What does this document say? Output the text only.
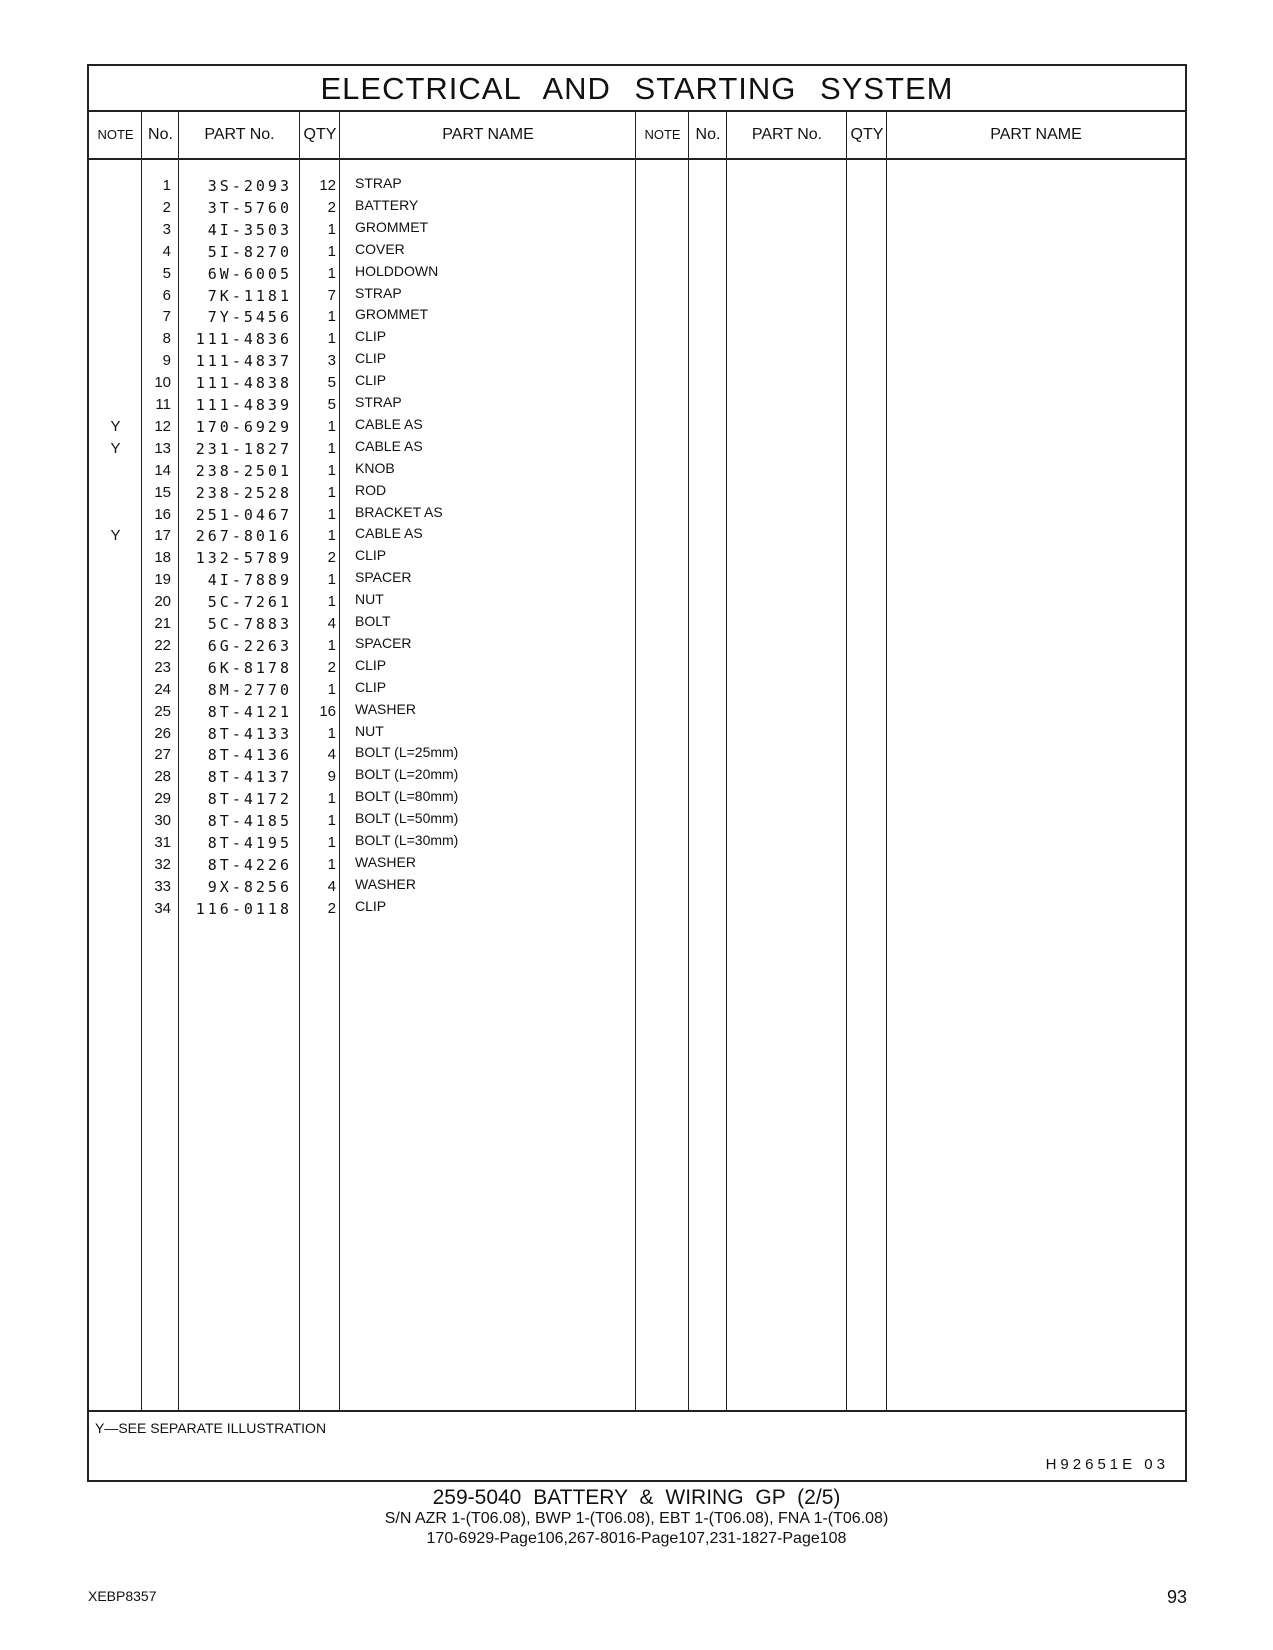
ELECTRICAL AND STARTING SYSTEM
NOTE No.	PART No.	QTY	PART NAME	NOTE No.	PART No.	QTY	PART NAME
1	3S-2093	12 STRAP
2	3T-5760	2 BATTERY
3	4I-3503	1 GROMMET
4	5I-8270	1 COVER
5	6W-6005	1 HOLDDOWN
6	7K-1181	7 STRAP
7	7Y-5456	1 GROMMET
8	111-4836	1 CLIP
9	111-4837	3 CLIP
10	111-4838	5 CLIP
11	111-4839	5 STRAP
Y	12	170-6929	1 CABLE AS
Y	13	231-1827	1 CABLE AS
14	238-2501	1 KNOB
15	238-2528	1 ROD
16	251-0467	1 BRACKET AS
Y	17	267-8016	1 CABLE AS
18	132-5789	2 CLIP
19	4I-7889	1 SPACER
20	5C-7261	1 NUT
21	5C-7883	4 BOLT
22	6G-2263	1 SPACER
23	6K-8178	2 CLIP
24	8M-2770	1 CLIP
25	8T-4121	16 WASHER
26	8T-4133	1 NUT
27	8T-4136	4 BOLT (L=25mm)
28	8T-4137	9 BOLT (L=20mm)
29	8T-4172	1 BOLT (L=80mm)
30	8T-4185	1 BOLT (L=50mm)
31	8T-4195	1 BOLT (L=30mm)
32	8T-4226	1 WASHER
33	9X-8256	4 WASHER
34	116-0118	2 CLIP
Y—SEE SEPARATE ILLUSTRATION
H92651E 03
259-5040 BATTERY & WIRING GP (2/5)
S/N AZR 1-(T06.08), BWP 1-(T06.08), EBT 1-(T06.08), FNA 1-(T06.08)
170-6929-Page106,267-8016-Page107,231-1827-Page108
XEBP8357	93
